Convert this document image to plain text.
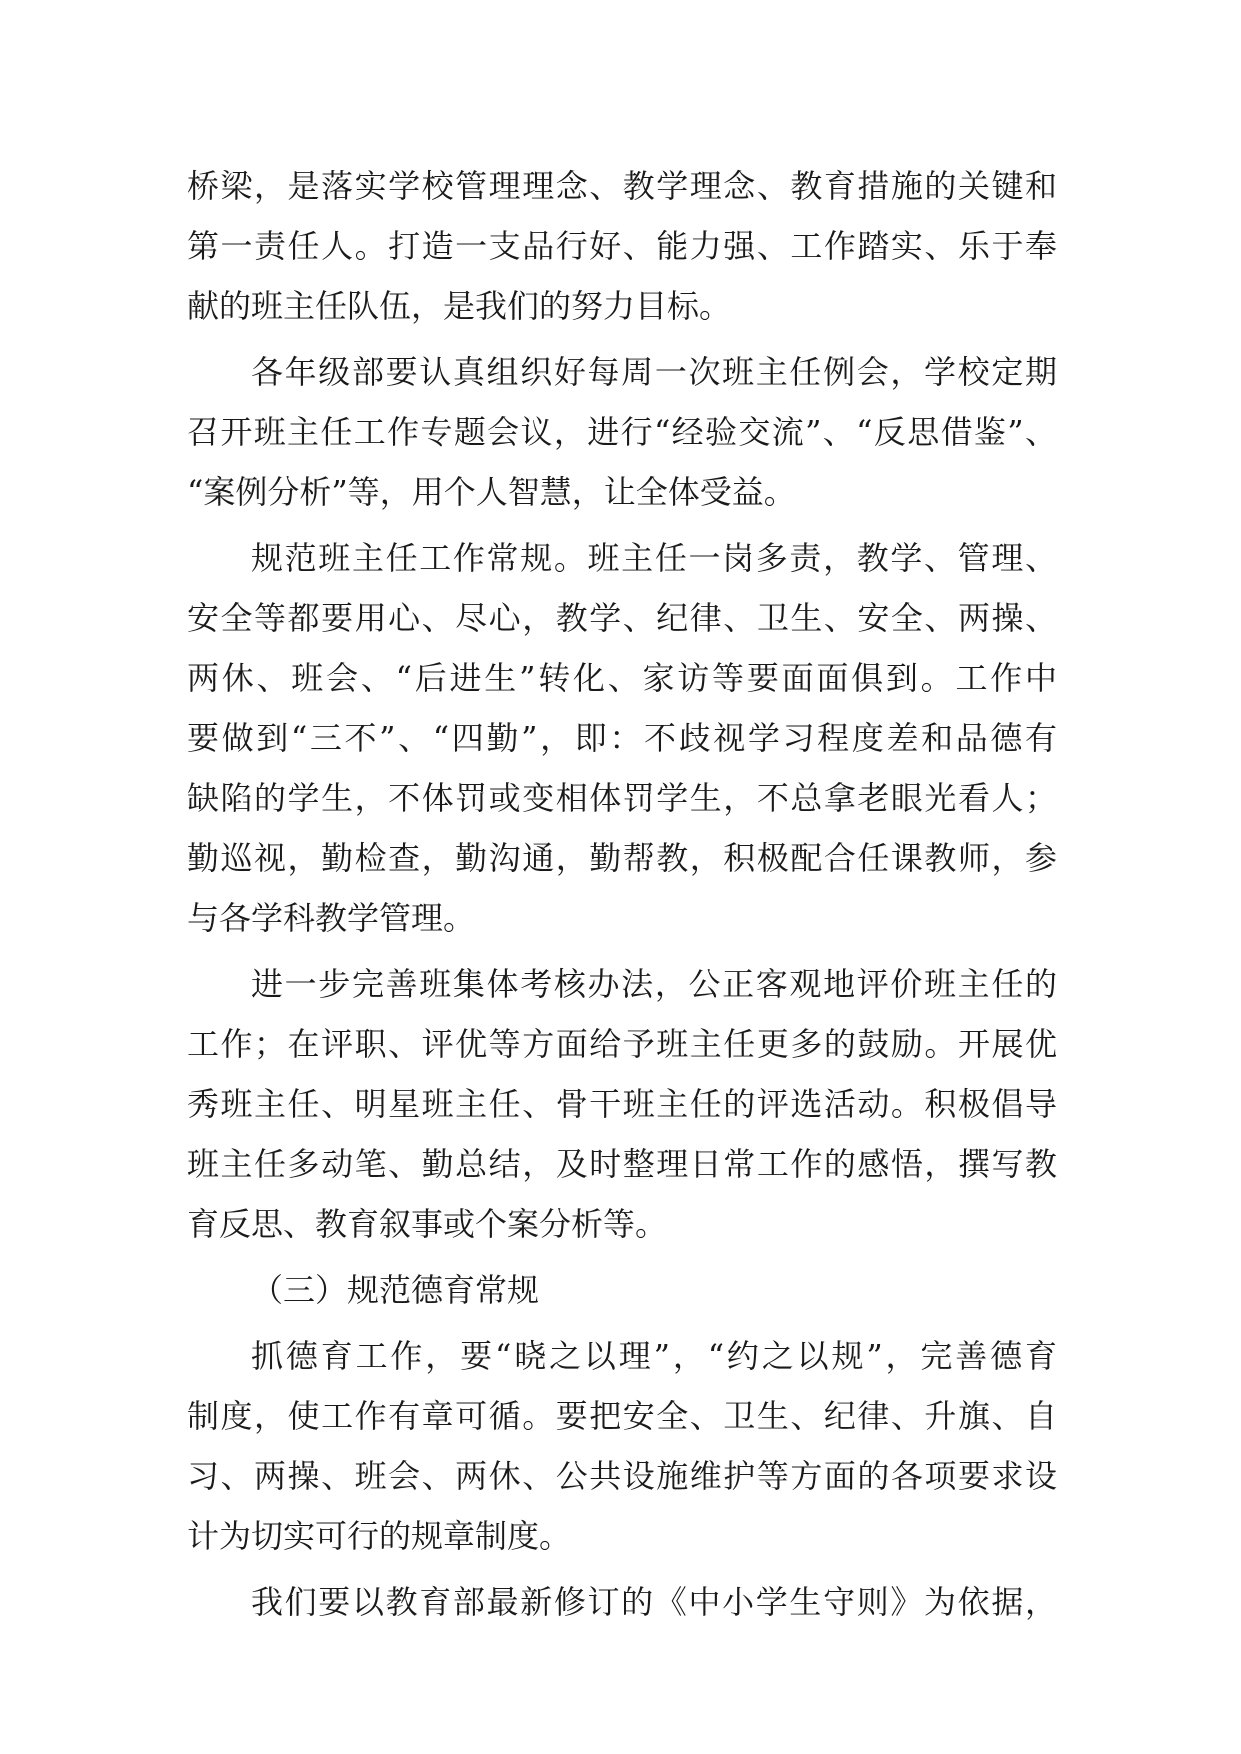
桥梁，是落实学校管理理念、教学理念、教育措施的关键和
第一责任人。打造一支品行好、能力强、工作踏实、乐于奉
献的班主任队伍，是我们的努力目标。

各年级部要认真组织好每周一次班主任例会，学校定期
召开班主任工作专题会议，进行“经验交流”、“反思借鉴”、
“案例分析”等，用个人智慧，让全体受益。

规范班主任工作常规。班主任一岗多责，教学、管理、
安全等都要用心、尽心，教学、纪律、卫生、安全、两操、
两休、班会、“后进生”转化、家访等要面面俱到。工作中
要做到“三不”、“四勤”，即：不歧视学习程度差和品德有
缺陷的学生，不体罚或变相体罚学生，不总拿老眼光看人；
勤巡视，勤检查，勤沟通，勤帮教，积极配合任课教师，参
与各学科教学管理。

进一步完善班集体考核办法，公正客观地评价班主任的
工作；在评职、评优等方面给予班主任更多的鼓励。开展优
秀班主任、明星班主任、骨干班主任的评选活动。积极倡导
班主任多动笔、勤总结，及时整理日常工作的感悟，撰写教
育反思、教育叙事或个案分析等。

（三）规范德育常规

抓德育工作，要“晓之以理”，“约之以规”，完善德育
制度，使工作有章可循。要把安全、卫生、纪律、升旗、自
习、两操、班会、两休、公共设施维护等方面的各项要求设
计为切实可行的规章制度。

我们要以教育部最新修订的《中小学生守则》为依据，
